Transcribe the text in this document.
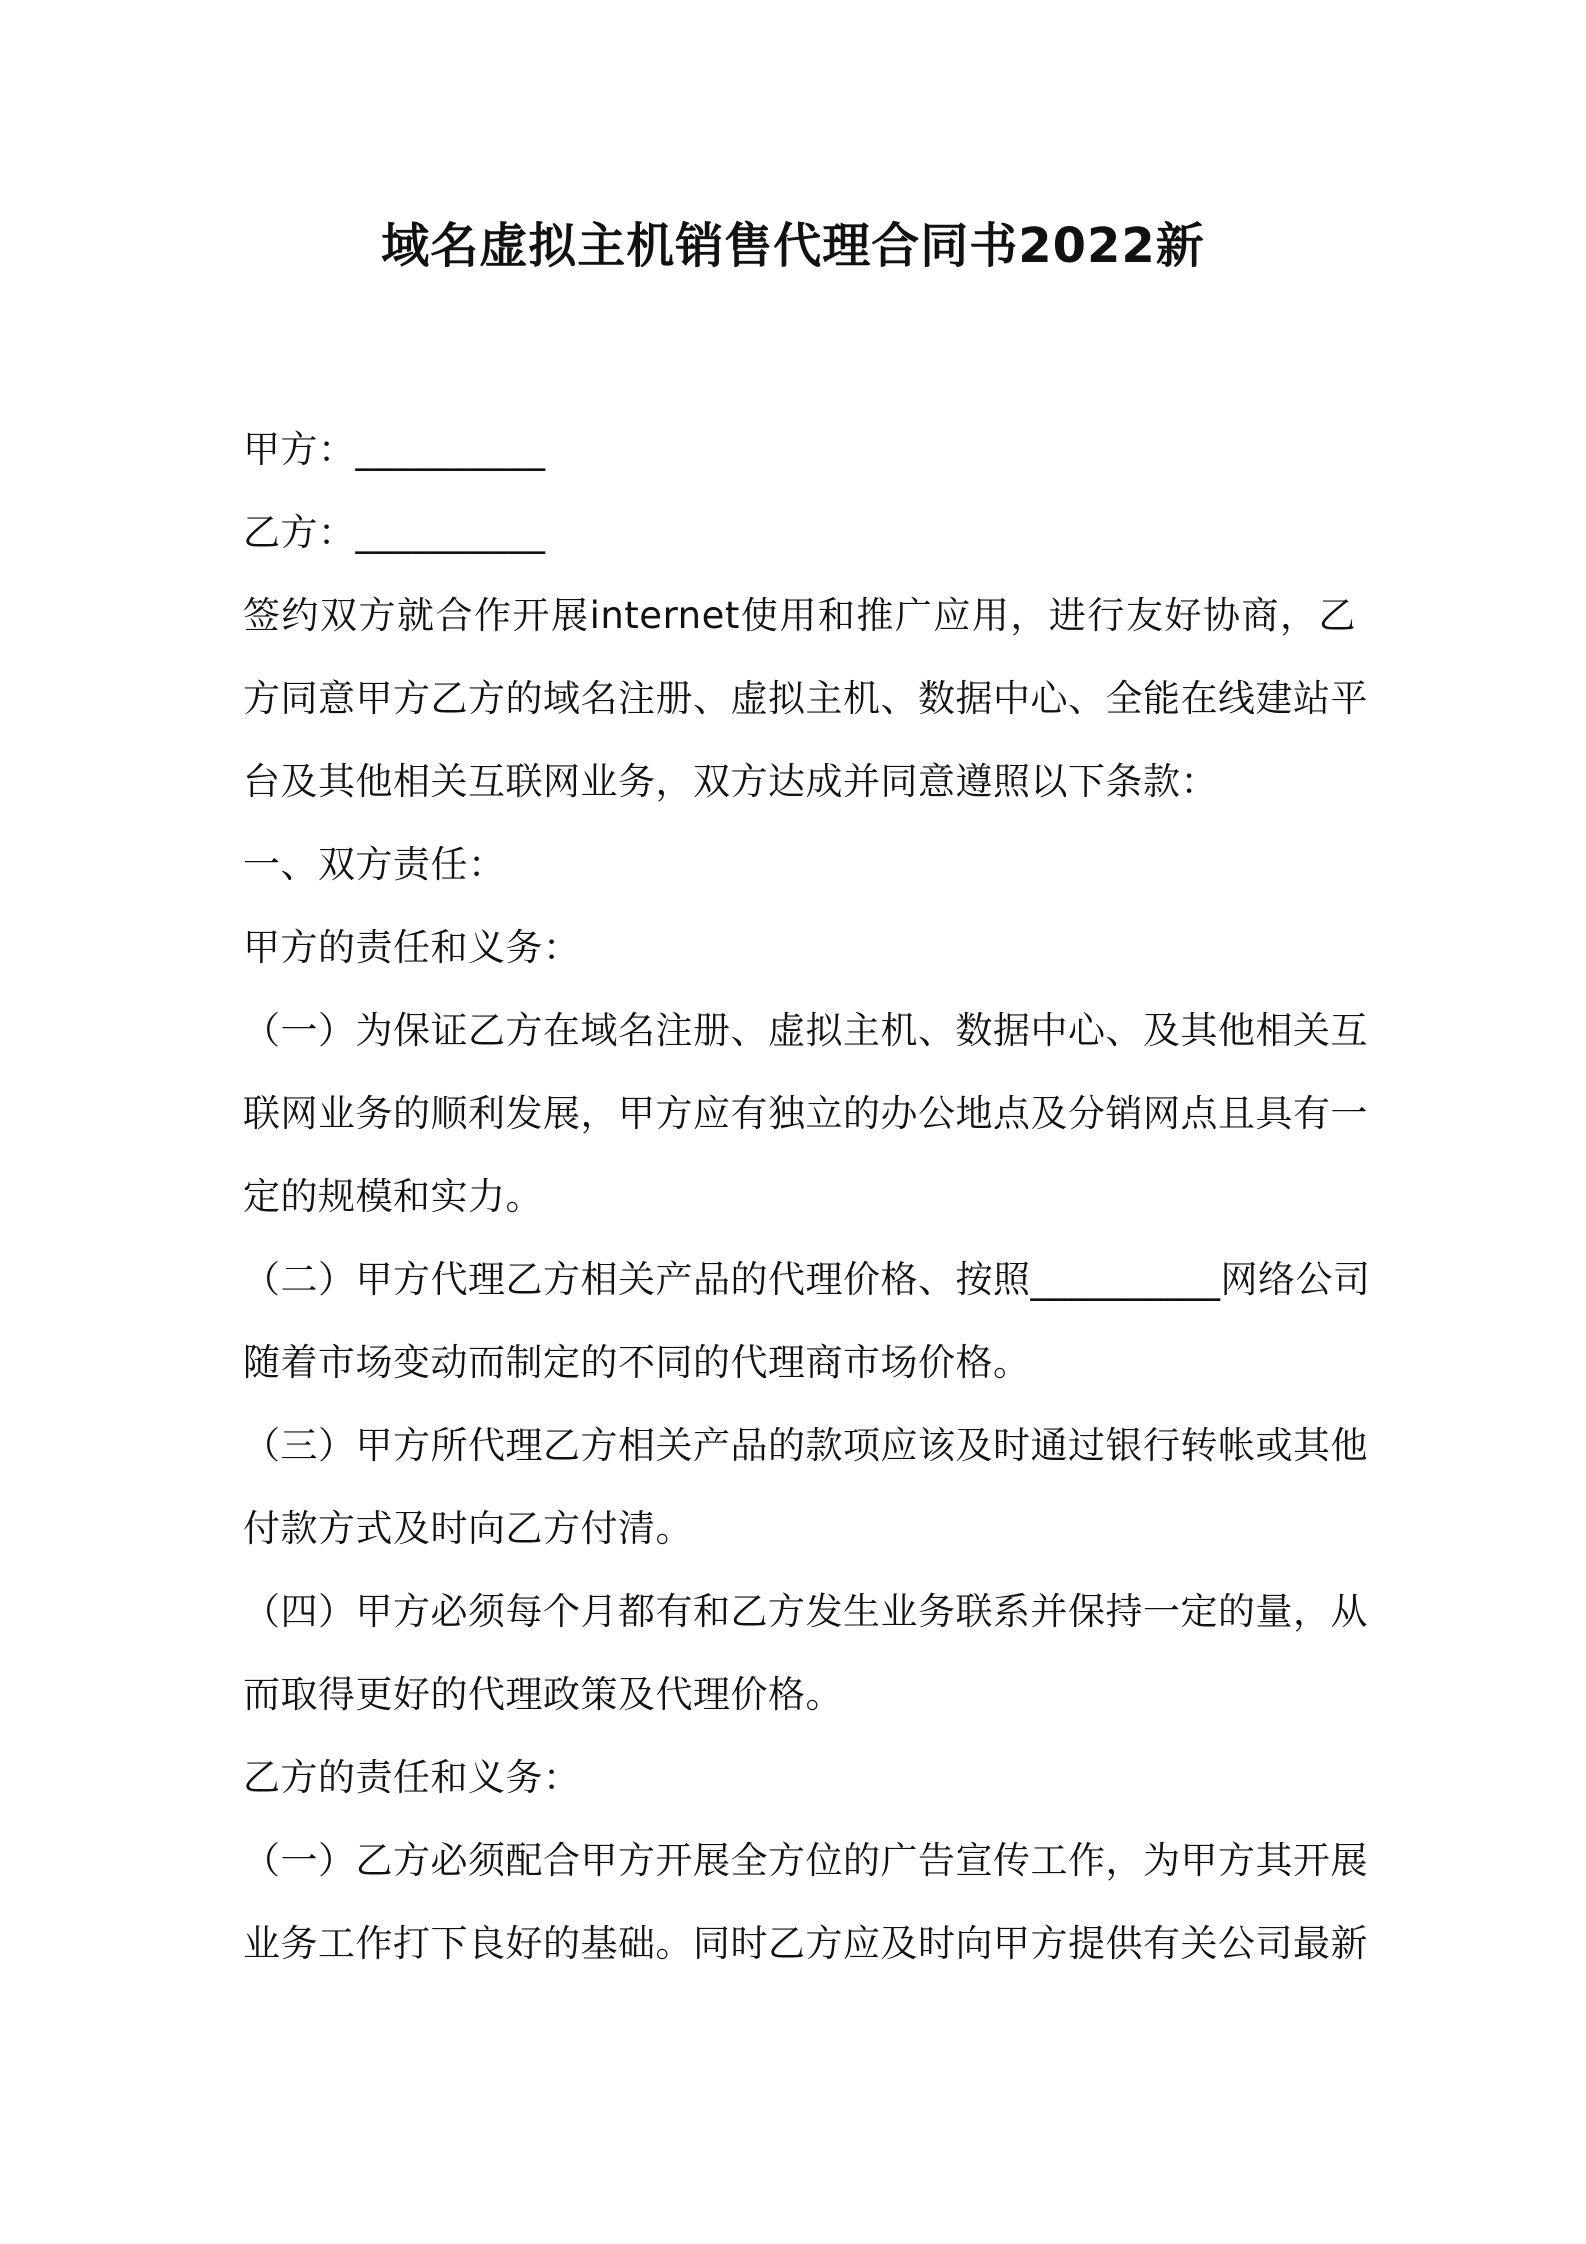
域名虚拟主机销售代理合同书2022新
甲方：__________
乙方：__________
签约双方就合作开展internet使用和推广应用，进行友好协商，乙
方同意甲方乙方的域名注册、虚拟主机、数据中心、全能在线建站平
台及其他相关互联网业务，双方达成并同意遵照以下条款：
一、双方责任：
甲方的责任和义务：
（一）为保证乙方在域名注册、虚拟主机、数据中心、及其他相关互
联网业务的顺利发展，甲方应有独立的办公地点及分销网点且具有一
定的规模和实力。
（二）甲方代理乙方相关产品的代理价格、按照__________网络公司
随着市场变动而制定的不同的代理商市场价格。
（三）甲方所代理乙方相关产品的款项应该及时通过银行转帐或其他
付款方式及时向乙方付清。
（四）甲方必须每个月都有和乙方发生业务联系并保持一定的量，从
而取得更好的代理政策及代理价格。
乙方的责任和义务：
（一）乙方必须配合甲方开展全方位的广告宣传工作，为甲方其开展
业务工作打下良好的基础。同时乙方应及时向甲方提供有关公司最新
